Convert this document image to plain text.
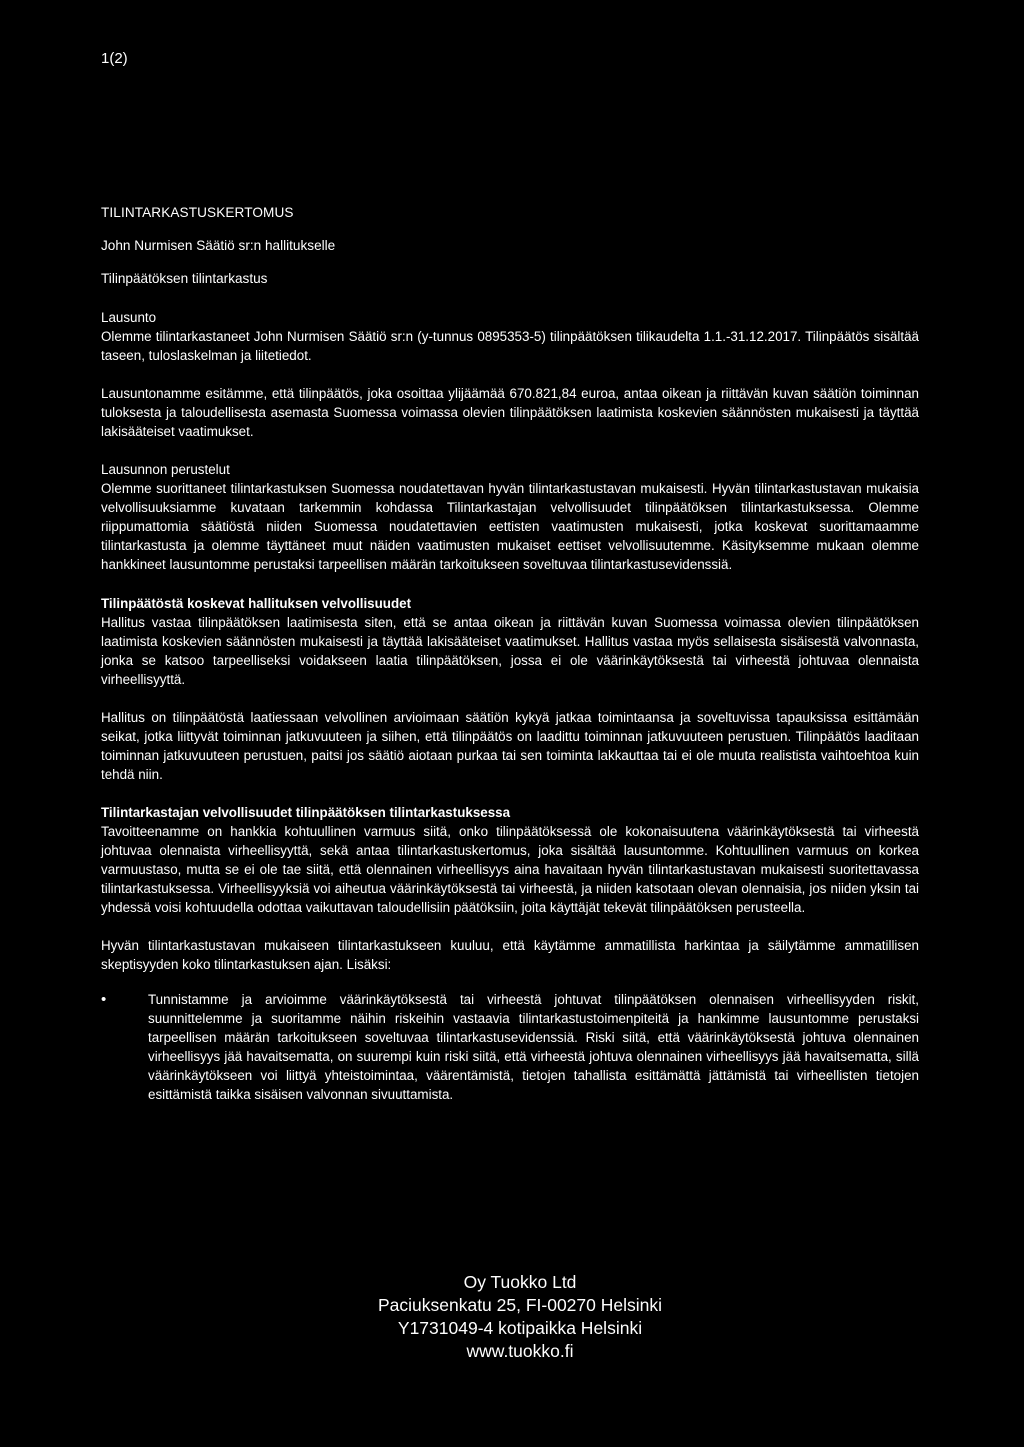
1(2)
TILINTARKASTUSKERTOMUS
John Nurmisen Säätiö sr:n hallitukselle
Tilinpäätöksen tilintarkastus
Lausunto

Olemme tilintarkastaneet John Nurmisen Säätiö sr:n (y-tunnus 0895353-5) tilinpäätöksen tilikaudelta 1.1.-31.12.2017. Tilinpäätös sisältää taseen, tuloslaskelman ja liitetiedot.

Lausuntonamme esitämme, että tilinpäätös, joka osoittaa ylijäämää 670.821,84 euroa, antaa oikean ja riittävän kuvan säätiön toiminnan tuloksesta ja taloudellisesta asemasta Suomessa voimassa olevien tilinpäätöksen laatimista koskevien säännösten mukaisesti ja täyttää lakisääteiset vaatimukset.

Lausunnon perustelut

Olemme suorittaneet tilintarkastuksen Suomessa noudatettavan hyvän tilintarkastustavan mukaisesti. Hyvän tilintarkastustavan mukaisia velvollisuuksiamme kuvataan tarkemmin kohdassa Tilintarkastajan velvollisuudet tilinpäätöksen tilintarkastuksessa. Olemme riippumattomia säätiöstä niiden Suomessa noudatettavien eettisten vaatimusten mukaisesti, jotka koskevat suorittamaamme tilintarkastusta ja olemme täyttäneet muut näiden vaatimusten mukaiset eettiset velvollisuutemme. Käsityksemme mukaan olemme hankkineet lausuntomme perustaksi tarpeellisen määrän tarkoitukseen soveltuvaa tilintarkastusevidenssiä.

Tilinpäätöstä koskevat hallituksen velvollisuudet

Hallitus vastaa tilinpäätöksen laatimisesta siten, että se antaa oikean ja riittävän kuvan Suomessa voimassa olevien tilinpäätöksen laatimista koskevien säännösten mukaisesti ja täyttää lakisääteiset vaatimukset. Hallitus vastaa myös sellaisesta sisäisestä valvonnasta, jonka se katsoo tarpeelliseksi voidakseen laatia tilinpäätöksen, jossa ei ole väärinkäytöksestä tai virheestä johtuvaa olennaista virheellisyyttä.

Hallitus on tilinpäätöstä laatiessaan velvollinen arvioimaan säätiön kykyä jatkaa toimintaansa ja soveltuvissa tapauksissa esittämään seikat, jotka liittyvät toiminnan jatkuvuuteen ja siihen, että tilinpäätös on laadittu toiminnan jatkuvuuteen perustuen. Tilinpäätös laaditaan toiminnan jatkuvuuteen perustuen, paitsi jos säätiö aiotaan purkaa tai sen toiminta lakkauttaa tai ei ole muuta realistista vaihtoehtoa kuin tehdä niin.

Tilintarkastajan velvollisuudet tilinpäätöksen tilintarkastuksessa

Tavoitteenamme on hankkia kohtuullinen varmuus siitä, onko tilinpäätöksessä ole kokonaisuutena väärinkäytöksestä tai virheestä johtuvaa olennaista virheellisyyttä, sekä antaa tilintarkastuskertomus, joka sisältää lausuntomme. Kohtuullinen varmuus on korkea varmuustaso, mutta se ei ole tae siitä, että olennainen virheellisyys aina havaitaan hyvän tilintarkastustavan mukaisesti suoritettavassa tilintarkastuksessa. Virheellisyyksiä voi aiheutua väärinkäytöksestä tai virheestä, ja niiden katsotaan olevan olennaisia, jos niiden yksin tai yhdessä voisi kohtuudella odottaa vaikuttavan taloudellisiin päätöksiin, joita käyttäjät tekevät tilinpäätöksen perusteella.

Hyvän tilintarkastustavan mukaiseen tilintarkastukseen kuuluu, että käytämme ammatillista harkintaa ja säilytämme ammatillisen skeptisyyden koko tilintarkastuksen ajan. Lisäksi:

•	Tunnistamme ja arvioimme väärinkäytöksestä tai virheestä johtuvat tilinpäätöksen olennaisen virheellisyyden riskit, suunnittelemme ja suoritamme näihin riskeihin vastaavia tilintarkastustoimenpiteitä ja hankimme lausuntomme perustaksi tarpeellisen määrän tarkoitukseen soveltuvaa tilintarkastusevidenssiä. Riski siitä, että väärinkäytöksestä johtuva olennainen virheellisyys jää havaitsematta, on suurempi kuin riski siitä, että virheestä johtuva olennainen virheellisyys jää havaitsematta, sillä väärinkäytökseen voi liittyä yhteistoimintaa, väärentämistä, tietojen tahallista esittämättä jättämistä tai virheellisten tietojen esittämistä taikka sisäisen valvonnan sivuuttamista.
Oy Tuokko Ltd
Paciuksenkatu 25, FI-00270 Helsinki
Y1731049-4 kotipaikka Helsinki
www.tuokko.fi
